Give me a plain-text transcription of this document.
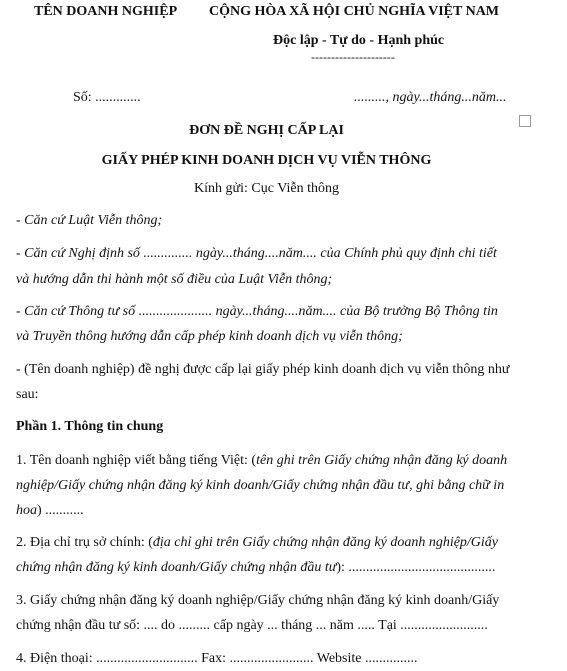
TÊN DOANH NGHIỆP CỘNG HÒA XÃ HỘI CHỦ NGHĨA VIỆT NAM
Độc lập - Tự do - Hạnh phúc
---------------------
Số: .............	........., ngày...tháng...năm...
ĐƠN ĐỀ NGHỊ CẤP LẠI
GIẤY PHÉP KINH DOANH DỊCH VỤ VIỄN THÔNG
Kính gửi: Cục Viễn thông
- Căn cứ Luật Viễn thông;
- Căn cứ Nghị định số .............. ngày...tháng....năm.... của Chính phủ quy định chi tiết
và hướng dẫn thi hành một số điều của Luật Viễn thông;
- Căn cứ Thông tư số ..................... ngày...tháng....năm.... của Bộ trưởng Bộ Thông tin
và Truyền thông hướng dẫn cấp phép kinh doanh dịch vụ viễn thông;
- (Tên doanh nghiệp) đề nghị được cấp lại giấy phép kinh doanh dịch vụ viễn thông như
sau:
Phần 1. Thông tin chung
1. Tên doanh nghiệp viết bằng tiếng Việt: (tên ghi trên Giấy chứng nhận đăng ký doanh
nghiệp/Giấy chứng nhận đăng ký kinh doanh/Giấy chứng nhận đầu tư, ghi bằng chữ in
hoa) ...........
2. Địa chỉ trụ sở chính: (địa chỉ ghi trên Giấy chứng nhận đăng ký doanh nghiệp/Giấy
chứng nhận đăng ký kinh doanh/Giấy chứng nhận đầu tư): ..........................................
3. Giấy chứng nhận đăng ký doanh nghiệp/Giấy chứng nhận đăng ký kinh doanh/Giấy
chứng nhận đầu tư số: .... do ......... cấp ngày ... tháng ... năm ..... Tại .........................
4. Điện thoại: ............................. Fax: ........................ Website ...............
